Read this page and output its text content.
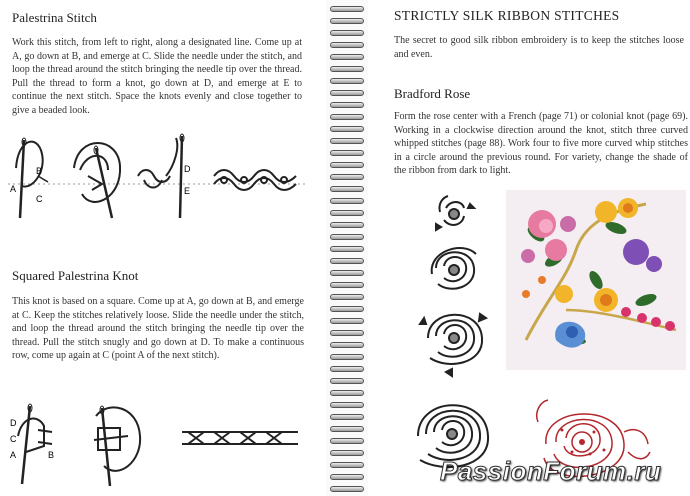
Palestrina Stitch

Work this stitch, from left to right, along a designated line. Come up at A, go down at B, and emerge at C. Slide the needle under the stitch, and loop the thread around the stitch bringing the needle tip over the thread. Pull the thread to form a knot, go down at D, and emerge at E to continue the next stitch. Space the knots evenly and close together to give a beaded look.

B
A
C
D
E
Squared Palestrina Knot

This knot is based on a square. Come up at A, go down at B, and emerge at C. Keep the stitches relatively loose. Slide the needle under the stitch, and loop the thread around the stitch bringing the needle tip over the thread. Pull the stitch snugly and go down at D. To make a continuous row, come up again at C (point A of the next stitch).

D
C
A	B
STRICTLY SILK RIBBON STITCHES

The secret to good silk ribbon embroidery is to keep the stitches loose and even.

Bradford Rose

Form the rose center with a French (page 71) or colonial knot (page 69). Working in a clockwise direction around the knot, stitch three curved whipped stitches (page 88). Work four to five more curved whip stitches in a circle around the previous round. For variety, change the shade of the ribbon from dark to light.

PassionForum.ru
